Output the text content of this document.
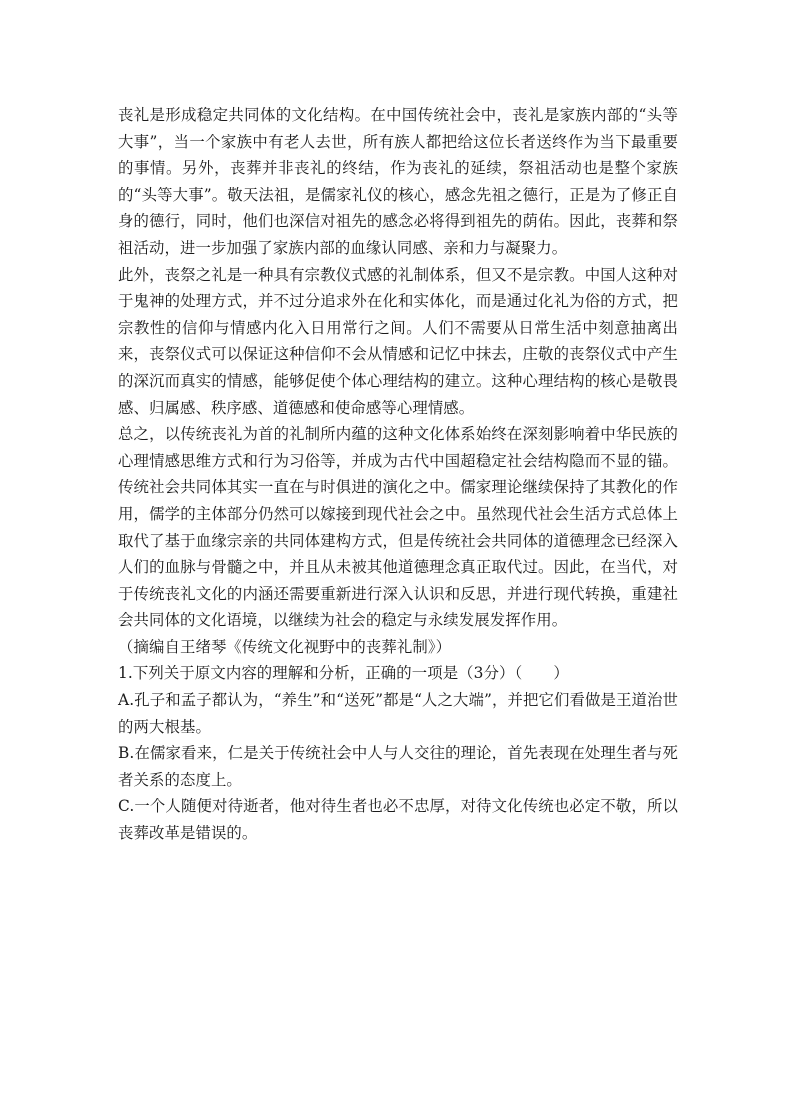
丧礼是形成稳定共同体的文化结构。在中国传统社会中，丧礼是家族内部的“头等大事”，当一个家族中有老人去世，所有族人都把给这位长者送终作为当下最重要的事情。另外，丧葬并非丧礼的终结，作为丧礼的延续，祭祖活动也是整个家族的“头等大事”。敬天法祖，是儒家礼仪的核心，感念先祖之德行，正是为了修正自身的德行，同时，他们也深信对祖先的感念必将得到祖先的荫佑。因此，丧葬和祭祖活动，进一步加强了家族内部的血缘认同感、亲和力与凝聚力。

此外，丧祭之礼是一种具有宗教仪式感的礼制体系，但又不是宗教。中国人这种对于鬼神的处理方式，并不过分追求外在化和实体化，而是通过化礼为俗的方式，把宗教性的信仰与情感内化入日用常行之间。人们不需要从日常生活中刻意抽离出来，丧祭仪式可以保证这种信仰不会从情感和记忆中抹去，庄敬的丧祭仪式中产生的深沉而真实的情感，能够促使个体心理结构的建立。这种心理结构的核心是敬畏感、归属感、秩序感、道德感和使命感等心理情感。

总之，以传统丧礼为首的礼制所内蕴的这种文化体系始终在深刻影响着中华民族的心理情感思维方式和行为习俗等，并成为古代中国超稳定社会结构隐而不显的锚。传统社会共同体其实一直在与时俱进的演化之中。儒家理论继续保持了其教化的作用，儒学的主体部分仍然可以嫁接到现代社会之中。虽然现代社会生活方式总体上取代了基于血缘宗亲的共同体建构方式，但是传统社会共同体的道德理念已经深入人们的血脉与骨髓之中，并且从未被其他道德理念真正取代过。因此，在当代，对于传统丧礼文化的内涵还需要重新进行深入认识和反思，并进行现代转换，重建社会共同体的文化语境，以继续为社会的稳定与永续发展发挥作用。

（摘编自王绪琴《传统文化视野中的丧葬礼制》）

1.下列关于原文内容的理解和分析，正确的一项是（3分）（　　）

A.孔子和孟子都认为，“养生”和“送死”都是“人之大端”，并把它们看做是王道治世的两大根基。

B.在儒家看来，仁是关于传统社会中人与人交往的理论，首先表现在处理生者与死者关系的态度上。

C.一个人随便对待逝者，他对待生者也必不忠厚，对待文化传统也必定不敬，所以丧葬改革是错误的。
